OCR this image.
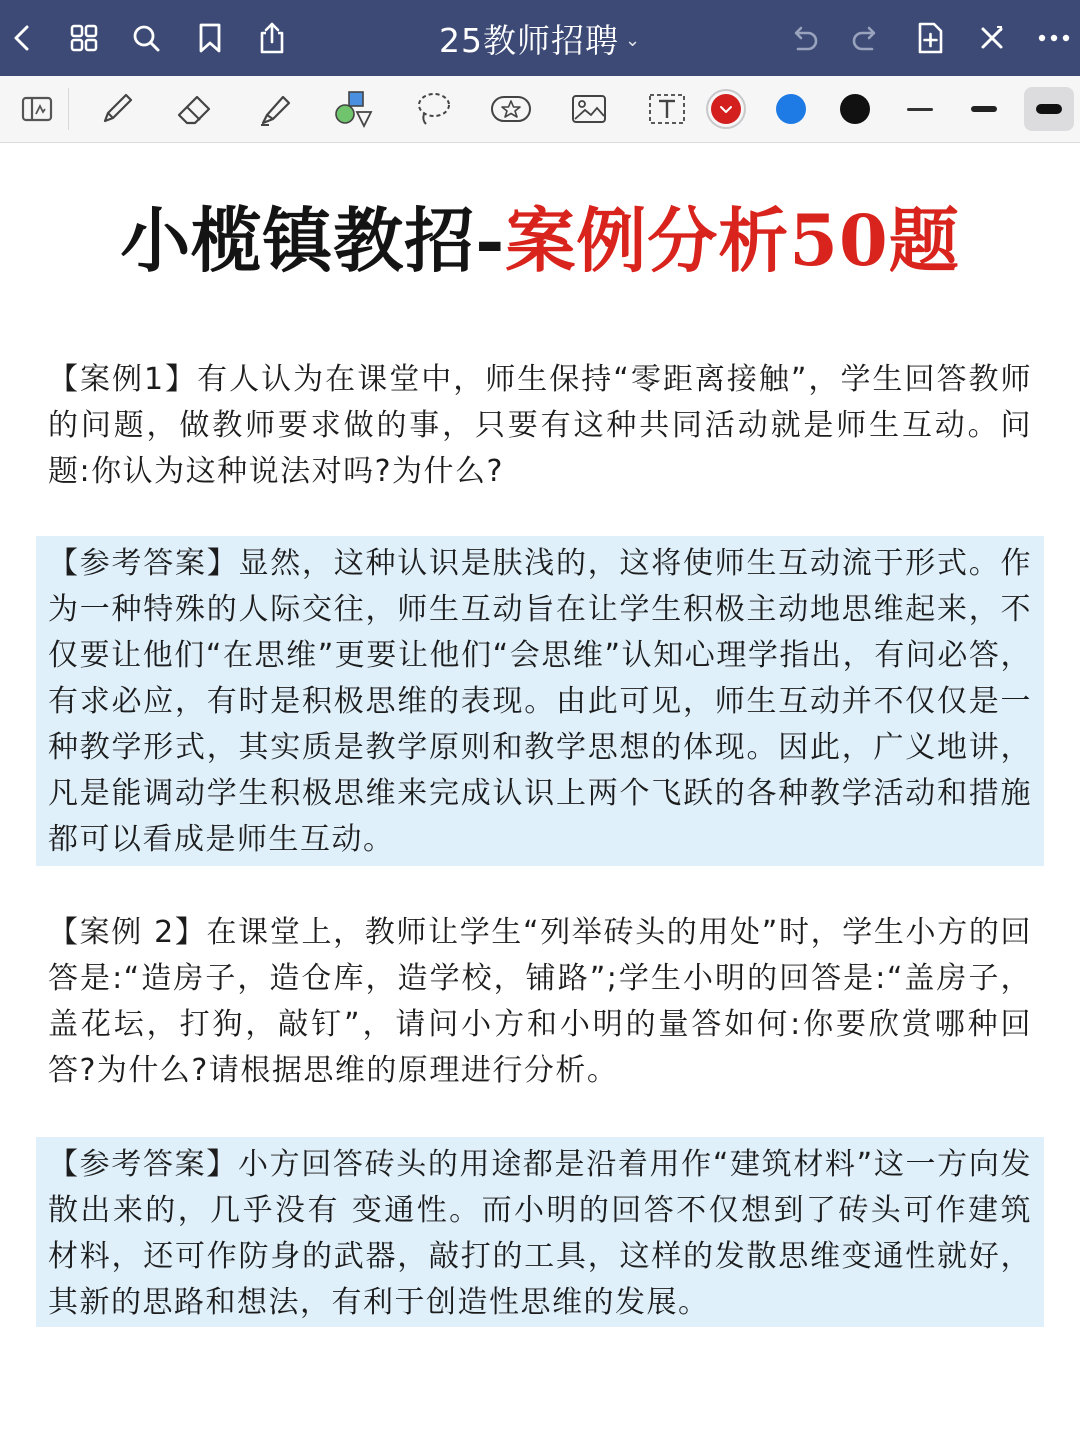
25教师招聘 ⌄
小榄镇教招-案例分析50题
【案例1】有人认为在课堂中，师生保持“零距离接触”，学生回答教师的问题，做教师要求做的事，只要有这种共同活动就是师生互动。问题:你认为这种说法对吗?为什么?
【参考答案】显然，这种认识是肤浅的，这将使师生互动流于形式。作为一种特殊的人际交往，师生互动旨在让学生积极主动地思维起来，不仅要让他们“在思维”更要让他们“会思维”认知心理学指出，有问必答，有求必应，有时是积极思维的表现。由此可见，师生互动并不仅仅是一种教学形式，其实质是教学原则和教学思想的体现。因此，广义地讲，凡是能调动学生积极思维来完成认识上两个飞跃的各种教学活动和措施都可以看成是师生互动。
【案例 2】在课堂上，教师让学生“列举砖头的用处”时，学生小方的回答是:“造房子，造仓库，造学校，铺路”;学生小明的回答是:“盖房子，盖花坛，打狗，敲钉”，请问小方和小明的量答如何:你要欣赏哪种回答?为什么?请根据思维的原理进行分析。
【参考答案】小方回答砖头的用途都是沿着用作“建筑材料”这一方向发散出来的，几乎没有 变通性。而小明的回答不仅想到了砖头可作建筑材料，还可作防身的武器，敲打的工具，这样的发散思维变通性就好，其新的思路和想法，有利于创造性思维的发展。
